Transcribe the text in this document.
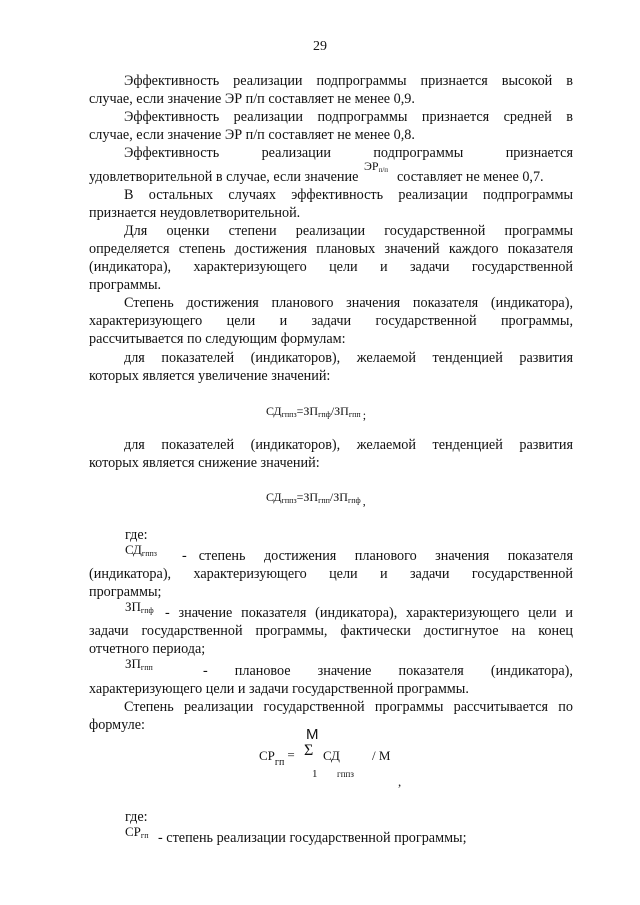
29
Эффективность реализации подпрограммы признается высокой в
случае, если значение ЭР п/п составляет не менее 0,9.
Эффективность реализации подпрограммы признается средней в
случае, если значение ЭР п/п составляет не менее 0,8.
Эффективность	реализации	подпрограммы	признается
удовлетворительной в случае, если значение
$ЭР_{п/п}$ составляет не менее 0,7.
В остальных случаях эффективность реализации подпрограммы
признается неудовлетворительной.
Для оценки степени реализации государственной программы
определяется степень достижения плановых значений каждого показателя
(индикатора), характеризующего цели и задачи государственной
программы.
Степень достижения планового значения показателя (индикатора),
характеризующего цели и задачи государственной программы,
рассчитывается по следующим формулам:
для показателей (индикаторов), желаемой тенденцией развития
которых является увеличение значений:
$СД_{гппз}=ЗП_{гпф}/ЗП_{гпп}$ ;
для показателей (индикаторов), желаемой тенденцией развития
которых является снижение значений:
$СД_{гппз}=ЗП_{гпп}/ЗП_{гпф}$ ,
где:
$СД_{гппз}$ - степень достижения планового значения показателя
(индикатора), характеризующего цели и задачи государственной
программы;
$ЗП_{гпф}$ - значение показателя (индикатора), характеризующего цели и
задачи государственной программы, фактически достигнутое на конец
отчетного периода;
$ЗП_{гпп}$	- плановое значение показателя (индикатора),
характеризующего цели и задачи государственной программы.
Степень реализации государственной программы рассчитывается по
формуле:
M
$СР_{гп}= \Sigma$ СД / М
1 гппз	,
где:
$СР_{гп}$ - степень реализации государственной программы;
